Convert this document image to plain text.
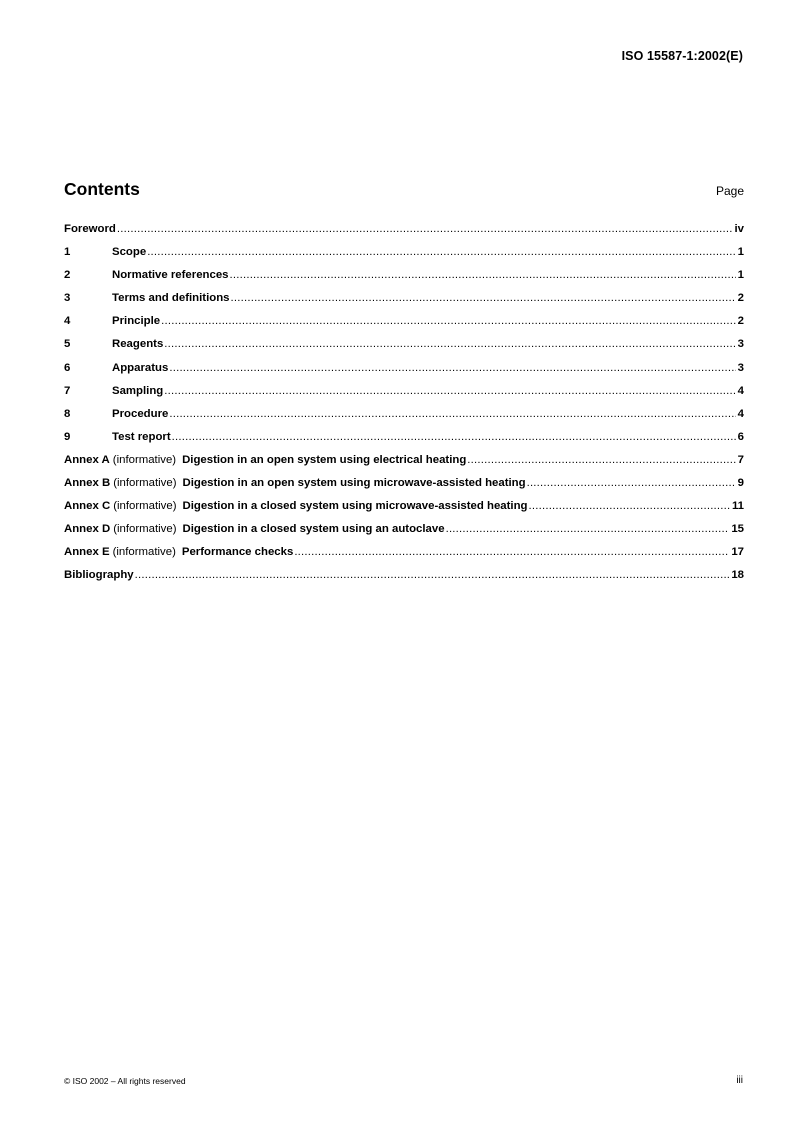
ISO 15587-1:2002(E)
Contents	Page
Foreword .....	iv
1	Scope .....	1
2	Normative references .....	1
3	Terms and definitions .....	2
4	Principle .....	2
5	Reagents .....	3
6	Apparatus .....	3
7	Sampling .....	4
8	Procedure .....	4
9	Test report .....	6
Annex A (informative) Digestion in an open system using electrical heating .....	7
Annex B (informative) Digestion in an open system using microwave-assisted heating .....	9
Annex C (informative) Digestion in a closed system using microwave-assisted heating .....	11
Annex D (informative) Digestion in a closed system using an autoclave .....	15
Annex E (informative) Performance checks .....	17
Bibliography .....	18
© ISO 2002 – All rights reserved	iii
